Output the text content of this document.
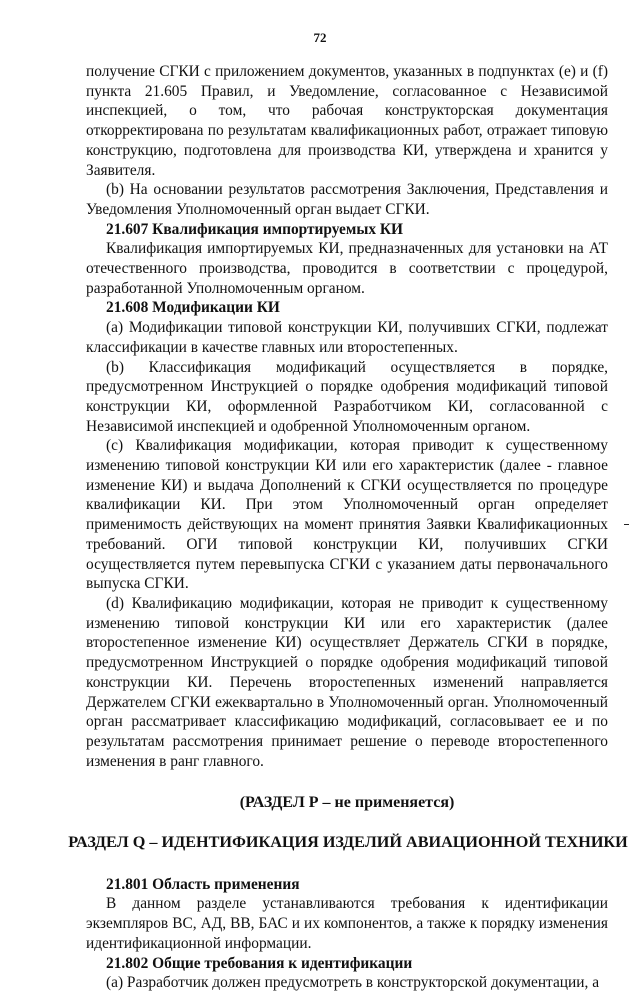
72

получение СГКИ с приложением документов, указанных в подпунктах (e) и (f) пункта 21.605 Правил, и Уведомление, согласованное с Независимой инспекцией, о том, что рабочая конструкторская документация откорректирована по результатам квалификационных работ, отражает типовую конструкцию, подготовлена для производства КИ, утверждена и хранится у Заявителя.

(b) На основании результатов рассмотрения Заключения, Представления и Уведомления Уполномоченный орган выдает СГКИ.

21.607 Квалификация импортируемых КИ

Квалификация импортируемых КИ, предназначенных для установки на АТ отечественного производства, проводится в соответствии с процедурой, разработанной Уполномоченным органом.

21.608 Модификации КИ

(a) Модификации типовой конструкции КИ, получивших СГКИ, подлежат классификации в качестве главных или второстепенных.

(b) Классификация модификаций осуществляется в порядке, предусмотренном Инструкцией о порядке одобрения модификаций типовой конструкции КИ, оформленной Разработчиком КИ, согласованной с Независимой инспекцией и одобренной Уполномоченным органом.

(c) Квалификация модификации, которая приводит к существенному изменению типовой конструкции КИ или его характеристик (далее - главное изменение КИ) и выдача Дополнений к СГКИ осуществляется по процедуре квалификации КИ. При этом Уполномоченный орган определяет применимость действующих на момент принятия Заявки Квалификационных требований. ОГИ типовой конструкции КИ, получивших СГКИ осуществляется путем перевыпуска СГКИ с указанием даты первоначального выпуска СГКИ.

(d) Квалификацию модификации, которая не приводит к существенному изменению типовой конструкции КИ или его характеристик (далее второстепенное изменение КИ) осуществляет Держатель СГКИ в порядке, предусмотренном Инструкцией о порядке одобрения модификаций типовой конструкции КИ. Перечень второстепенных изменений направляется Держателем СГКИ ежеквартально в Уполномоченный орган. Уполномоченный орган рассматривает классификацию модификаций, согласовывает ее и по результатам рассмотрения принимает решение о переводе второстепенного изменения в ранг главного.

(РАЗДЕЛ Р – не применяется)

РАЗДЕЛ Q – ИДЕНТИФИКАЦИЯ ИЗДЕЛИЙ АВИАЦИОННОЙ ТЕХНИКИ

21.801 Область применения

В данном разделе устанавливаются требования к идентификации экземпляров ВС, АД, ВВ, БАС и их компонентов, а также к порядку изменения идентификационной информации.

21.802 Общие требования к идентификации

(a) Разработчик должен предусмотреть в конструкторской документации, а
